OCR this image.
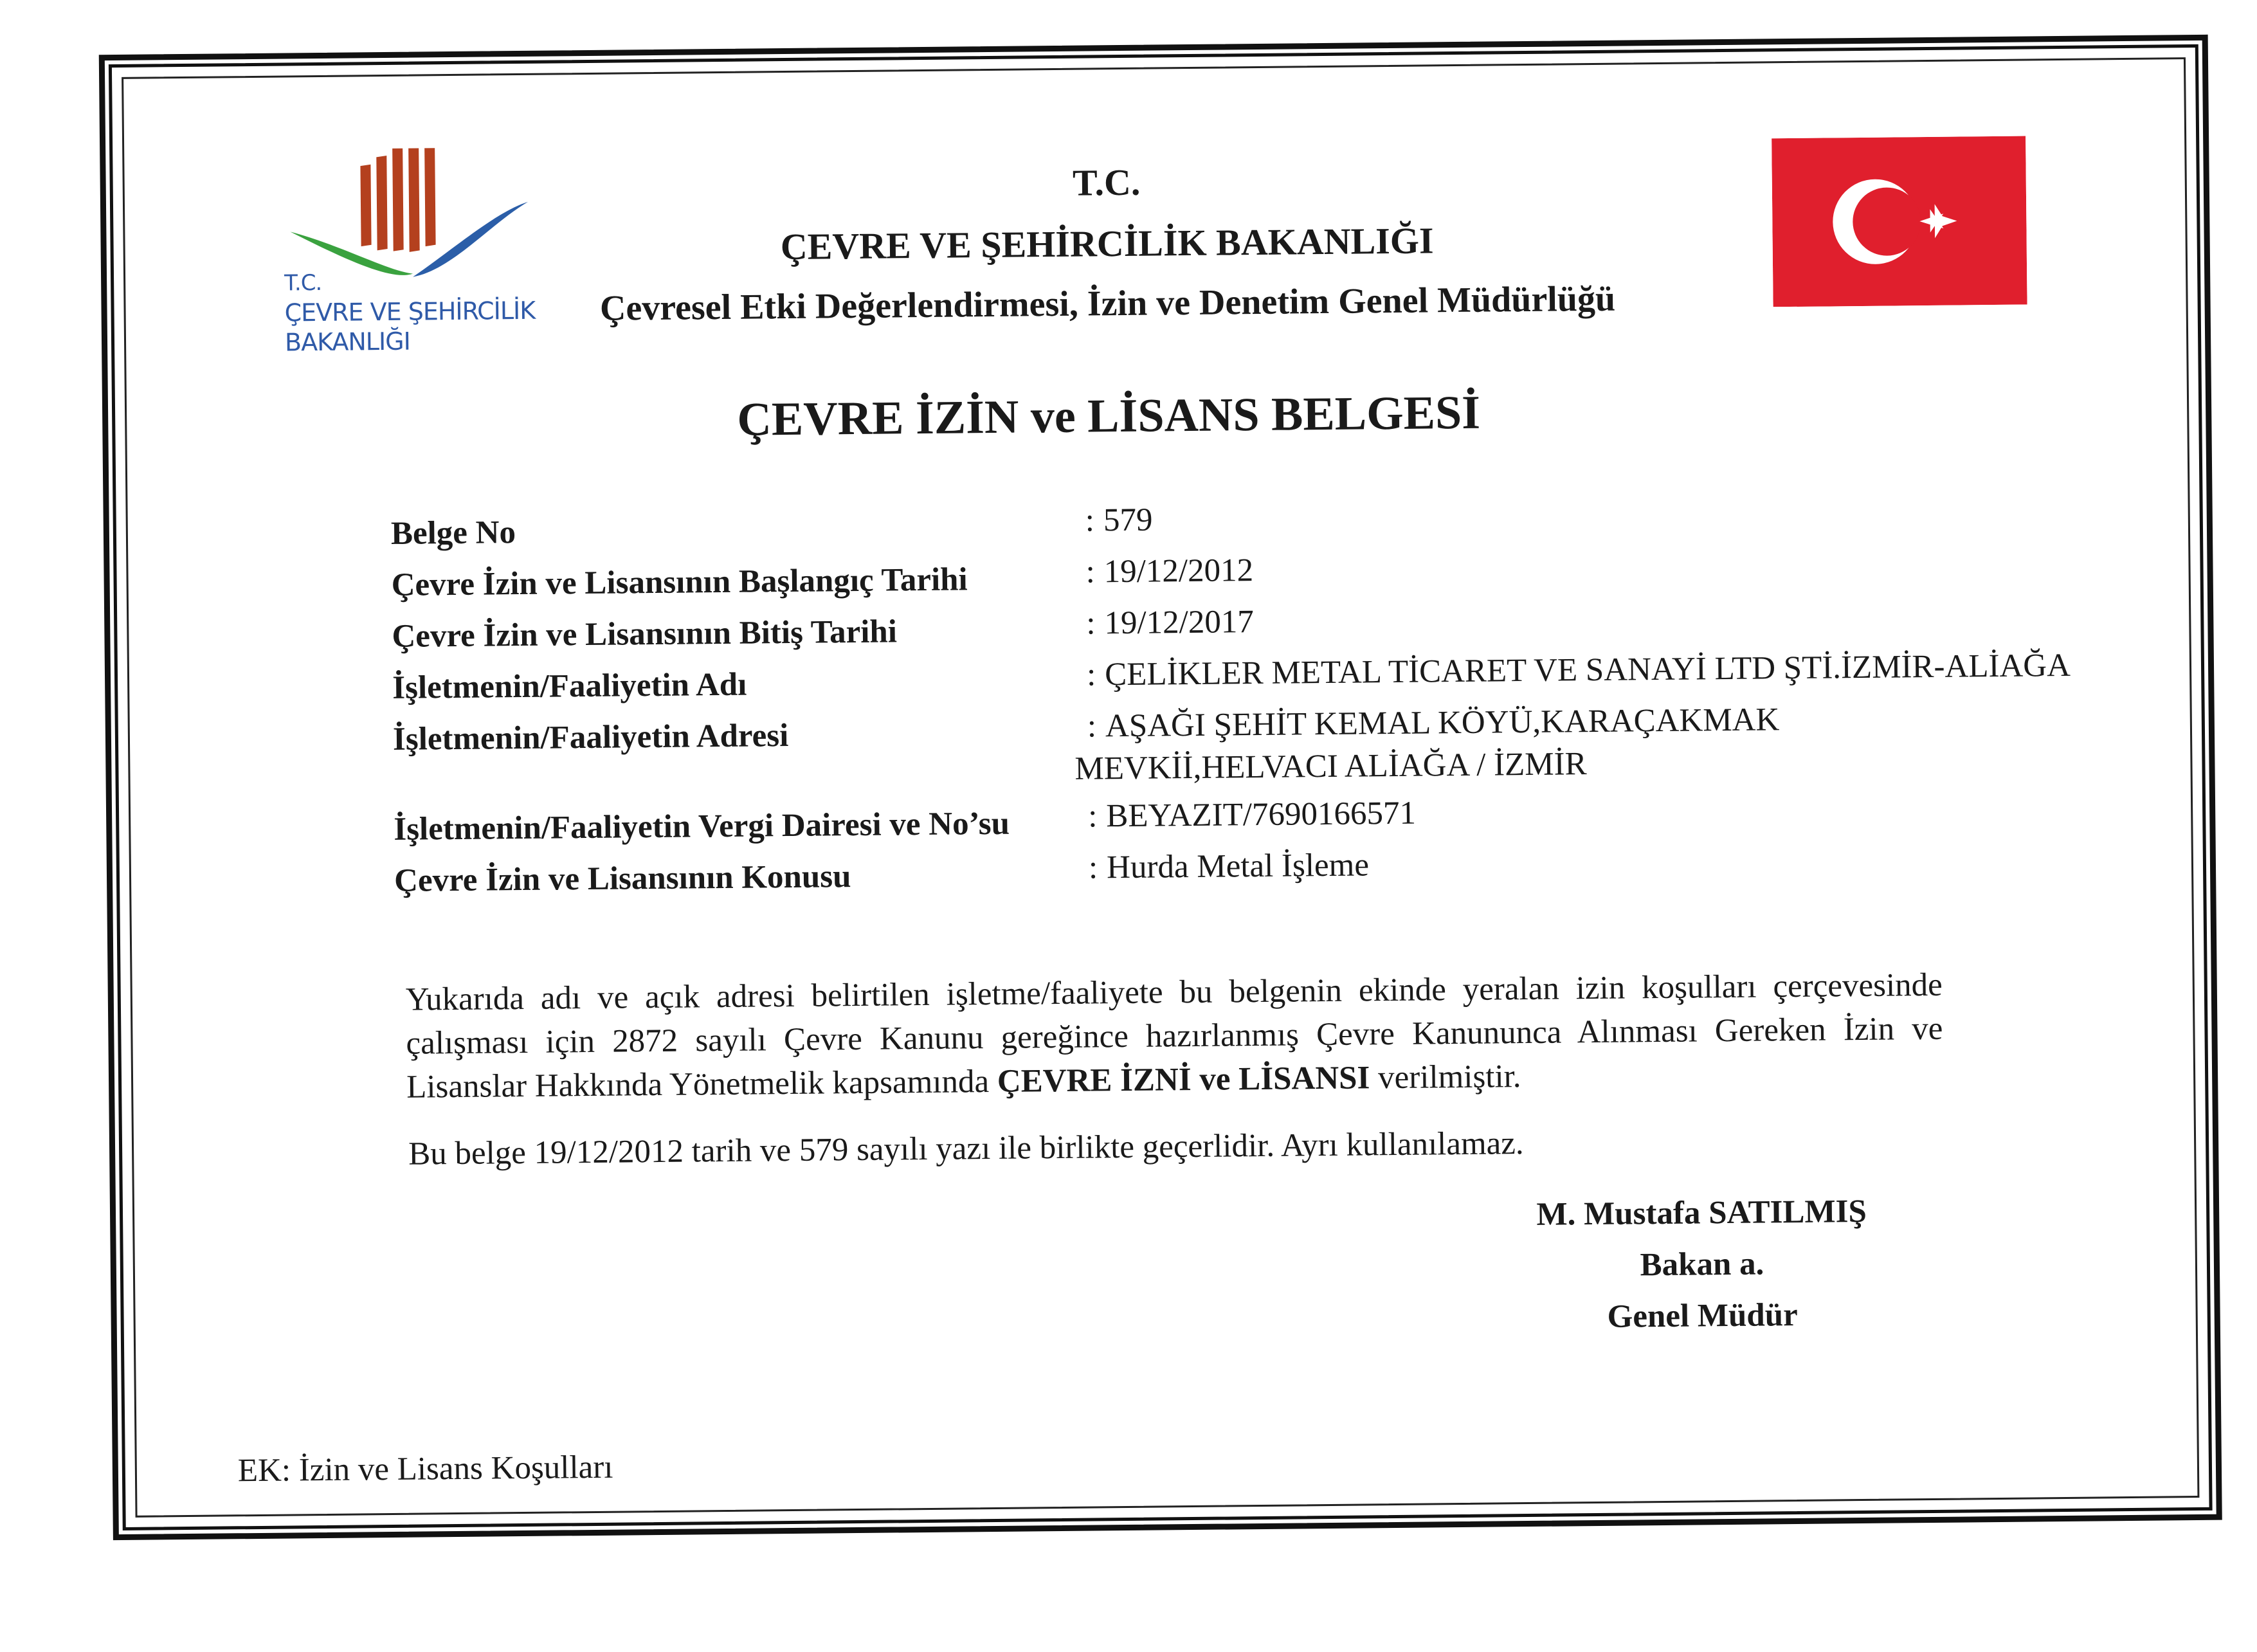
T.C.
ÇEVRE VE ŞEHİRCİLİK
BAKANLIĞI
T.C.
ÇEVRE VE ŞEHİRCİLİK BAKANLIĞI
Çevresel Etki Değerlendirmesi, İzin ve Denetim Genel Müdürlüğü
ÇEVRE İZİN ve LİSANS BELGESİ
Belge No	: 579
Çevre İzin ve Lisansının Başlangıç Tarihi	: 19/12/2012
Çevre İzin ve Lisansının Bitiş Tarihi	: 19/12/2017
İşletmenin/Faaliyetin Adı	: ÇELİKLER METAL TİCARET VE SANAYİ LTD ŞTİ.İZMİR-ALİAĞA
İşletmenin/Faaliyetin Adresi	: AŞAĞI ŞEHİT KEMAL KÖYÜ,KARAÇAKMAK
MEVKİİ,HELVACI ALİAĞA / İZMİR
İşletmenin/Faaliyetin Vergi Dairesi ve No’su : BEYAZIT/7690166571
Çevre İzin ve Lisansının Konusu	: Hurda Metal İşleme
Yukarıda adı ve açık adresi belirtilen işletme/faaliyete bu belgenin ekinde yeralan izin koşulları çerçevesinde çalışması için 2872 sayılı Çevre Kanunu gereğince hazırlanmış Çevre Kanununca Alınması Gereken İzin ve Lisanslar Hakkında Yönetmelik kapsamında ÇEVRE İZNİ ve LİSANSI verilmiştir.
Bu belge 19/12/2012 tarih ve 579 sayılı yazı ile birlikte geçerlidir. Ayrı kullanılamaz.
M. Mustafa SATILMIŞ
Bakan a.
Genel Müdür
EK: İzin ve Lisans Koşulları
